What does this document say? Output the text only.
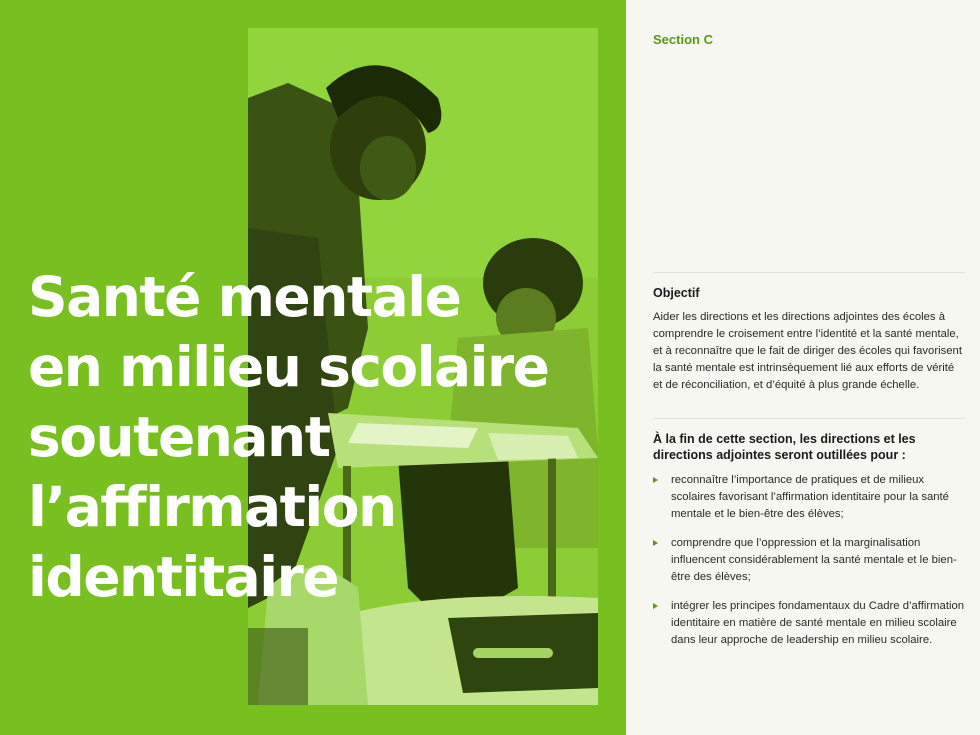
Santé mentale
en milieu scolaire
soutenant
l’affirmation
identitaire
Section C
Objectif

Aider les directions et les directions adjointes des écoles à comprendre le croisement entre l’identité et la santé mentale, et à reconnaître que le fait de diriger des écoles qui favorisent la santé mentale est intrinsèquement lié aux efforts de vérité et de réconciliation, et d’équité à plus grande échelle.

À la fin de cette section, les directions et les directions adjointes seront outillées pour :
reconnaître l’importance de pratiques et de milieux scolaires favorisant l’affirmation identitaire pour la santé mentale et le bien-être des élèves;
comprendre que l’oppression et la marginalisation influencent considérablement la santé mentale et le bien-être des élèves;
intégrer les principes fondamentaux du Cadre d’affirmation identitaire en matière de santé mentale en milieu scolaire dans leur approche de leadership en milieu scolaire.
